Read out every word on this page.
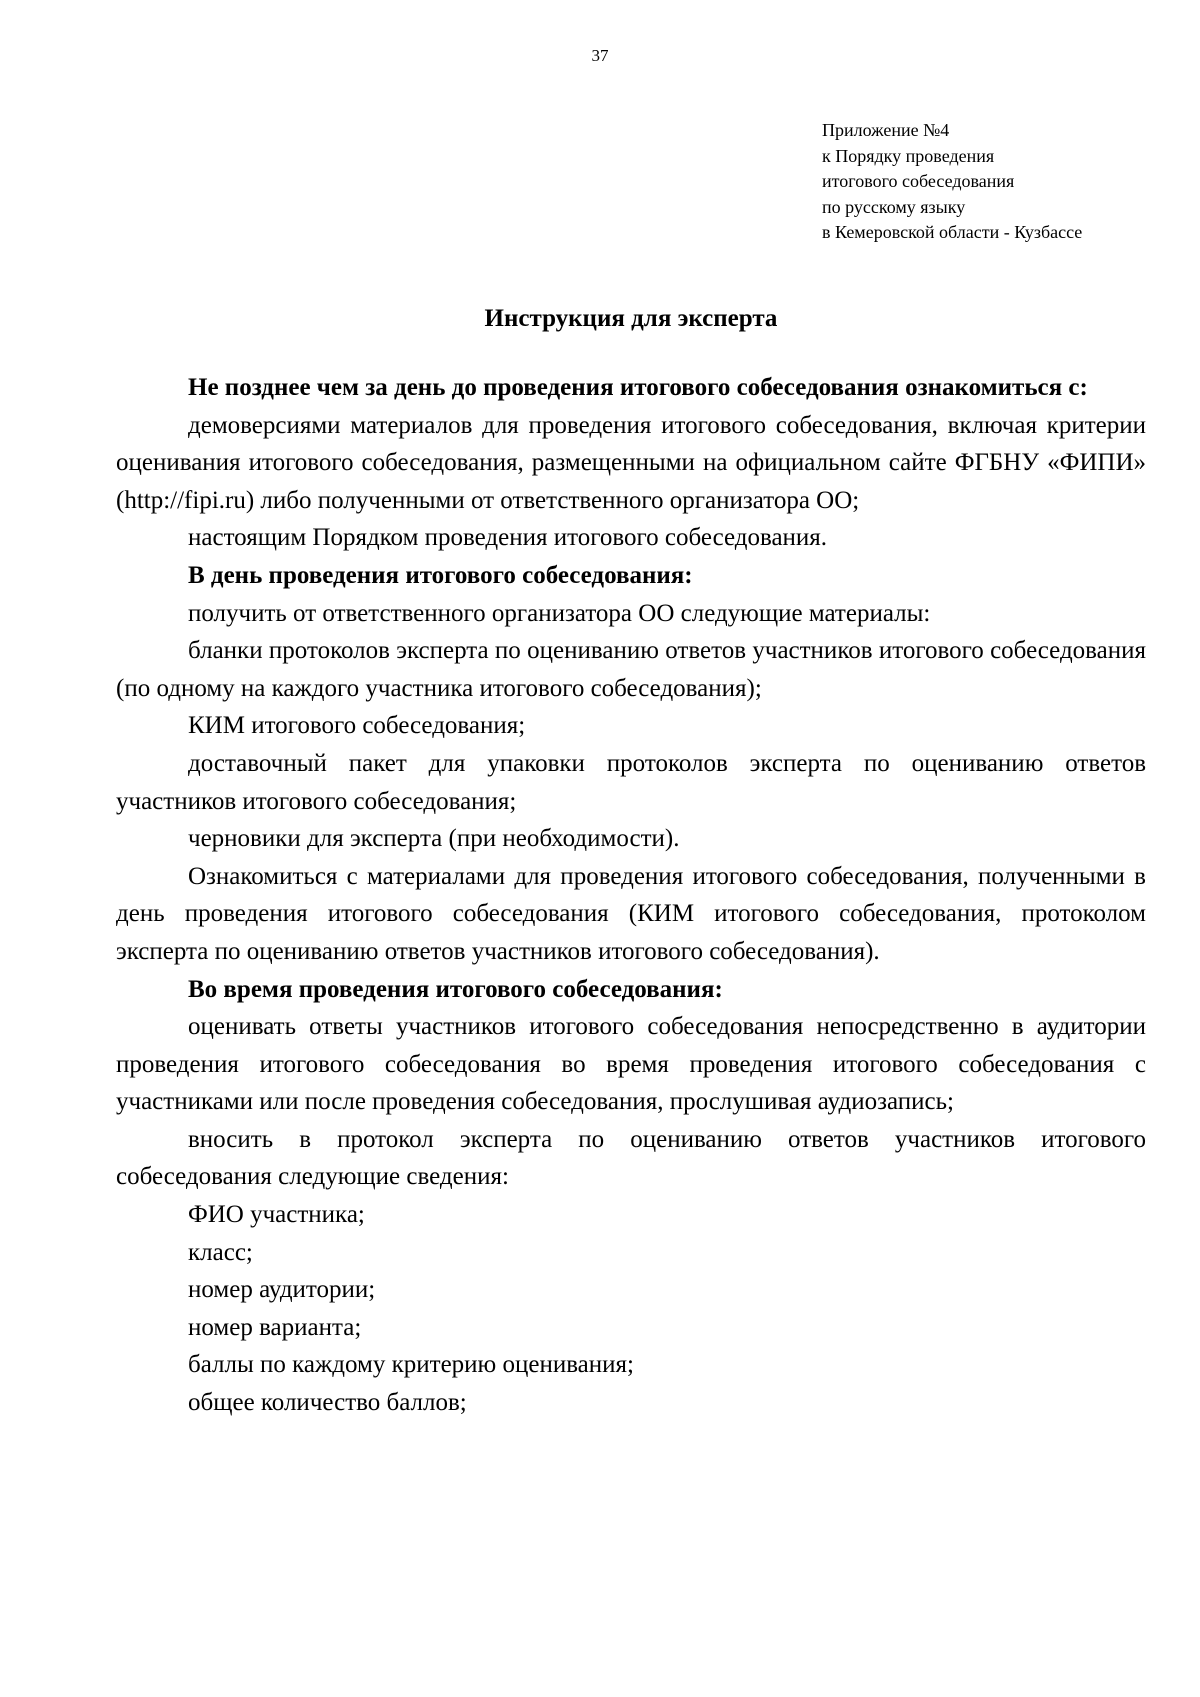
37
Приложение №4
к Порядку проведения
итогового собеседования
по русскому языку
в Кемеровской области - Кузбассе
Инструкция для эксперта

Не позднее чем за день до проведения итогового собеседования ознакомиться с:

демоверсиями материалов для проведения итогового собеседования, включая критерии оценивания итогового собеседования, размещенными на официальном сайте ФГБНУ «ФИПИ» (http://fipi.ru) либо полученными от ответственного организатора ОО;

настоящим Порядком проведения итогового собеседования.

В день проведения итогового собеседования:

получить от ответственного организатора ОО следующие материалы:

бланки протоколов эксперта по оцениванию ответов участников итогового собеседования (по одному на каждого участника итогового собеседования);

КИМ итогового собеседования;

доставочный пакет для упаковки протоколов эксперта по оцениванию ответов участников итогового собеседования;

черновики для эксперта (при необходимости).

Ознакомиться с материалами для проведения итогового собеседования, полученными в день проведения итогового собеседования (КИМ итогового собеседования, протоколом эксперта по оцениванию ответов участников итогового собеседования).

Во время проведения итогового собеседования:

оценивать ответы участников итогового собеседования непосредственно в аудитории проведения итогового собеседования во время проведения итогового собеседования с участниками или после проведения собеседования, прослушивая аудиозапись;

вносить в протокол эксперта по оцениванию ответов участников итогового собеседования следующие сведения:

ФИО участника;

класс;

номер аудитории;

номер варианта;

баллы по каждому критерию оценивания;

общее количество баллов;
